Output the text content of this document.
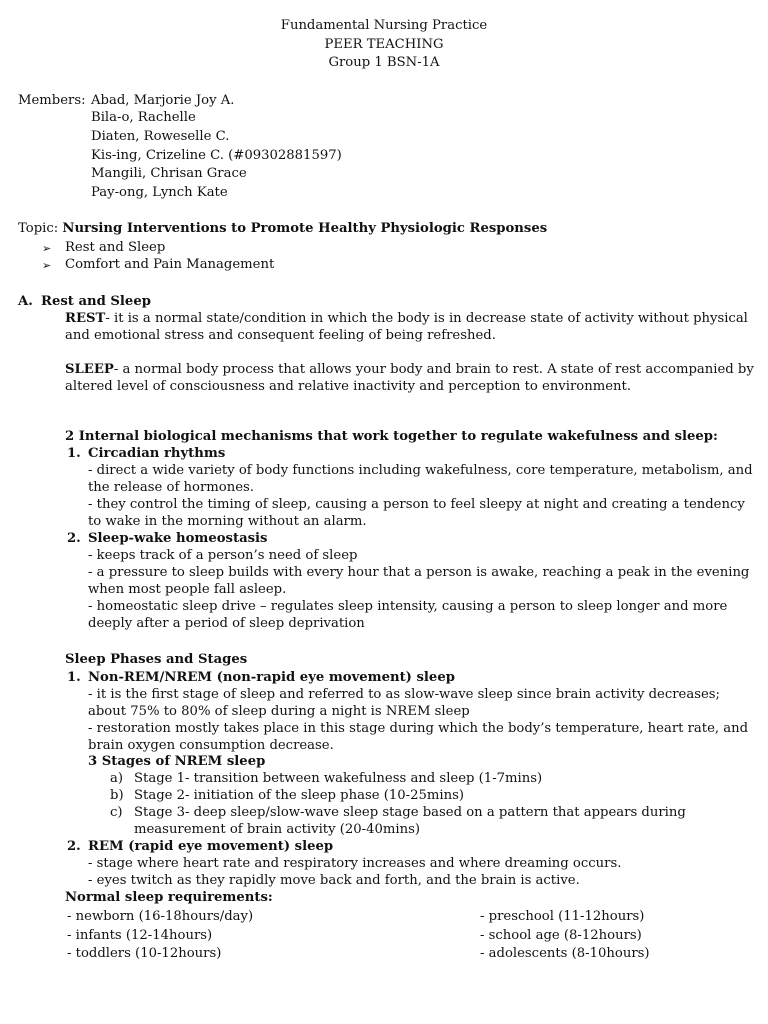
Fundamental Nursing Practice
PEER TEACHING
Group 1 BSN-1A
Members: Abad, Marjorie Joy A.
Bila-o, Rachelle
Diaten, Roweselle C.
Kis-ing, Crizeline C. (#09302881597)
Mangili, Chrisan Grace
Pay-ong, Lynch Kate
Topic: Nursing Interventions to Promote Healthy Physiologic Responses
➢ Rest and Sleep
➢ Comfort and Pain Management
A. Rest and Sleep
REST- it is a normal state/condition in which the body is in decrease state of activity without physical and emotional stress and consequent feeling of being refreshed.
SLEEP- a normal body process that allows your body and brain to rest. A state of rest accompanied by altered level of consciousness and relative inactivity and perception to environment.
2 Internal biological mechanisms that work together to regulate wakefulness and sleep:
1. Circadian rhythms
- direct a wide variety of body functions including wakefulness, core temperature, metabolism, and the release of hormones.
- they control the timing of sleep, causing a person to feel sleepy at night and creating a tendency to wake in the morning without an alarm.
2. Sleep-wake homeostasis
- keeps track of a person’s need of sleep
- a pressure to sleep builds with every hour that a person is awake, reaching a peak in the evening when most people fall asleep.
- homeostatic sleep drive – regulates sleep intensity, causing a person to sleep longer and more deeply after a period of sleep deprivation
Sleep Phases and Stages
1. Non-REM/NREM (non-rapid eye movement) sleep
- it is the first stage of sleep and referred to as slow-wave sleep since brain activity decreases; about 75% to 80% of sleep during a night is NREM sleep
- restoration mostly takes place in this stage during which the body’s temperature, heart rate, and brain oxygen consumption decrease.
3 Stages of NREM sleep
a) Stage 1- transition between wakefulness and sleep (1-7mins)
b) Stage 2- initiation of the sleep phase (10-25mins)
c) Stage 3- deep sleep/slow-wave sleep stage based on a pattern that appears during measurement of brain activity (20-40mins)
2. REM (rapid eye movement) sleep
- stage where heart rate and respiratory increases and where dreaming occurs.
- eyes twitch as they rapidly move back and forth, and the brain is active.
Normal sleep requirements:
- newborn (16-18hours/day)
- infants (12-14hours)
- toddlers (10-12hours)
- preschool (11-12hours)
- school age (8-12hours)
- adolescents (8-10hours)
